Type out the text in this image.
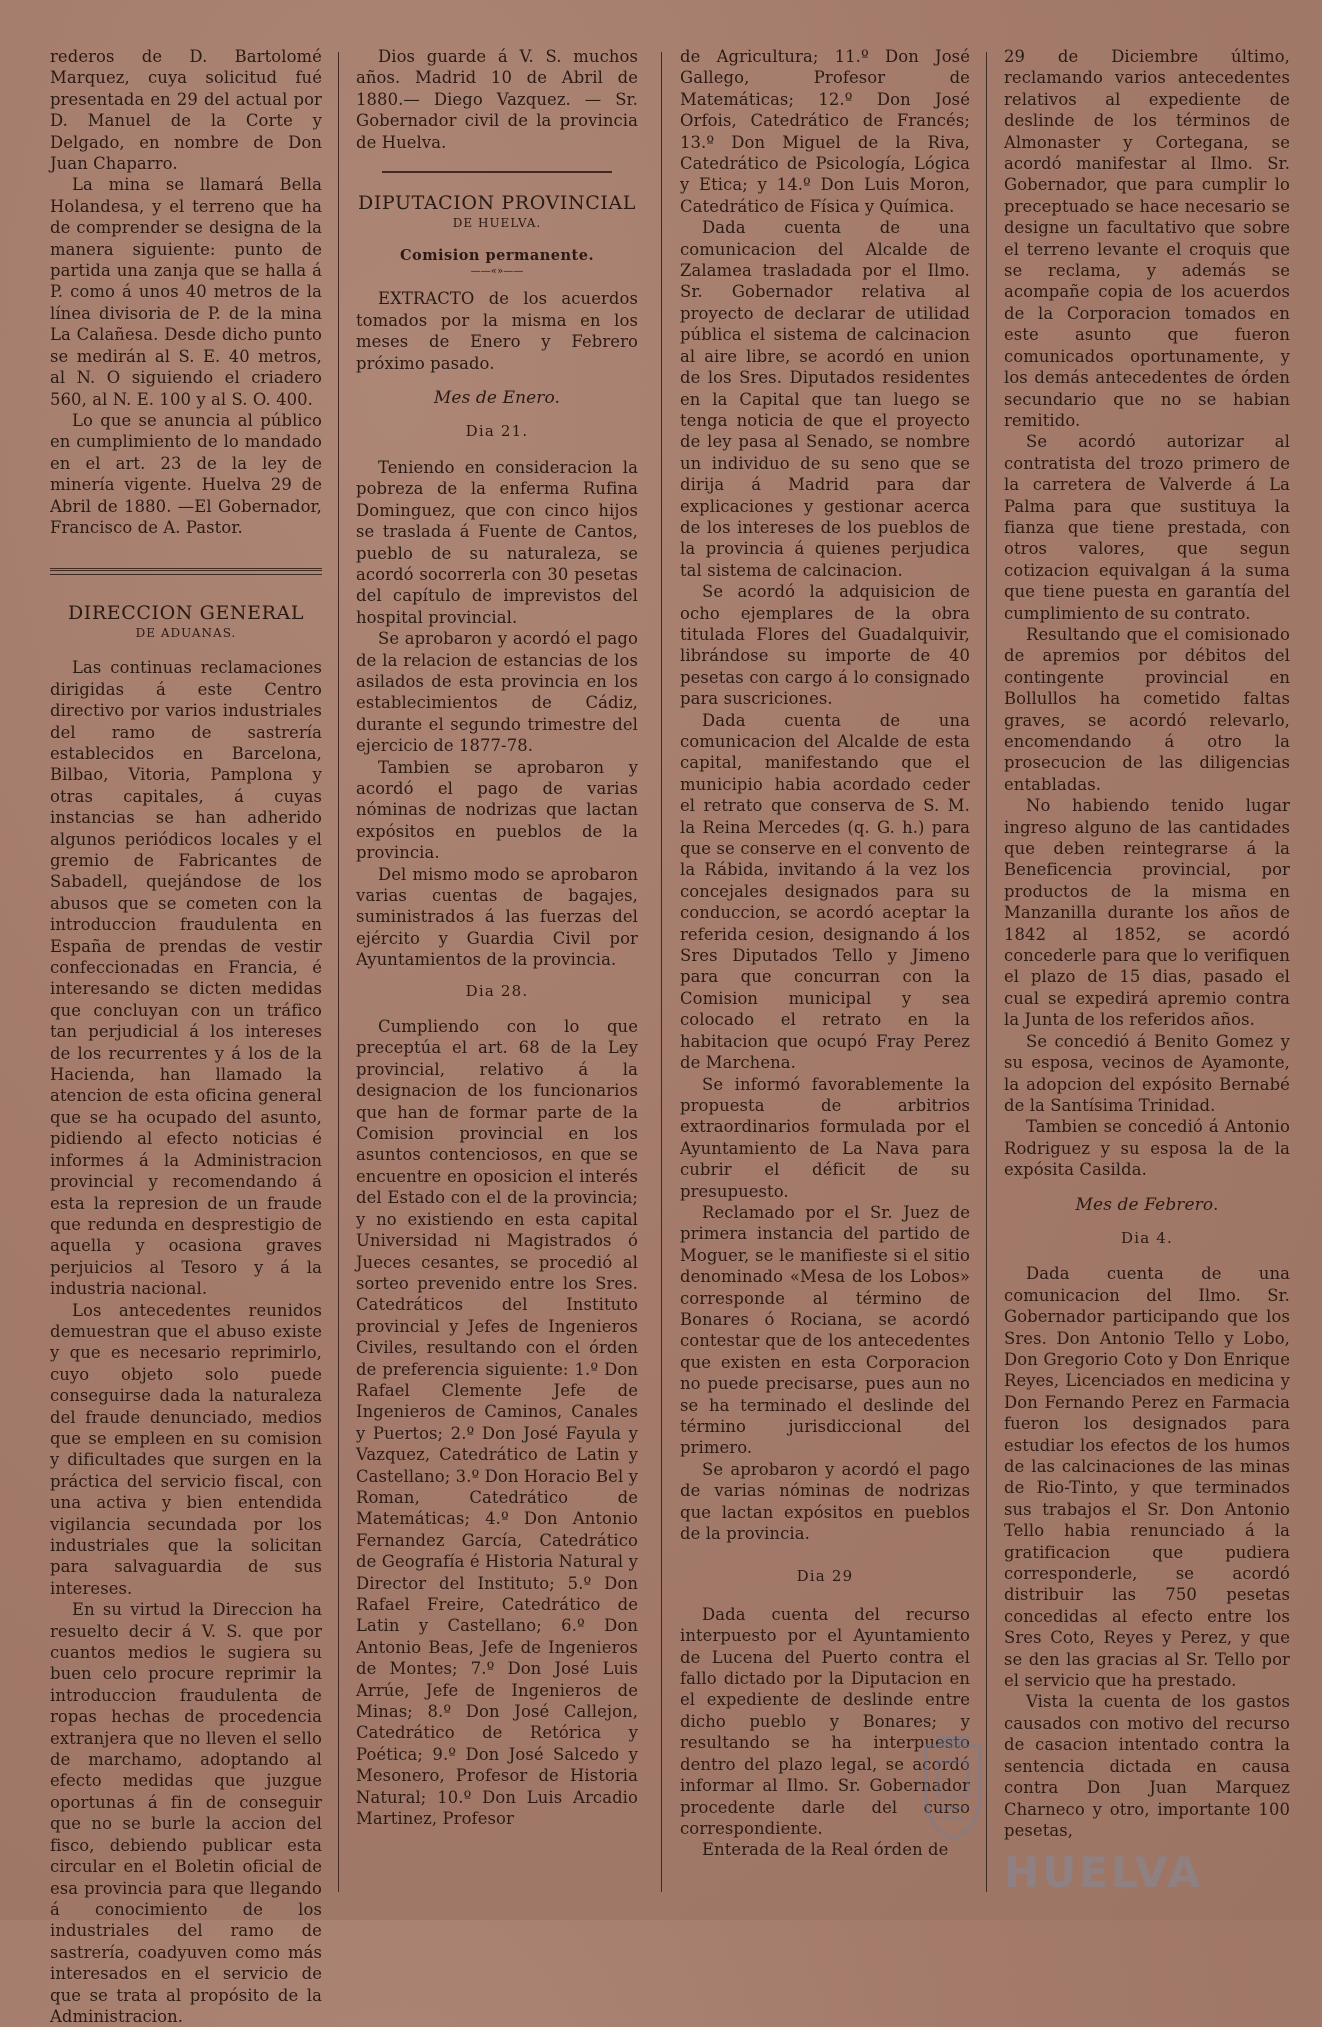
rederos de D. Bartolomé Marquez, cuya solicitud fué presentada en 29 del actual por D. Manuel de la Corte y Delgado, en nombre de Don Juan Chaparro.

La mina se llamará Bella Holandesa, y el terreno que ha de comprender se designa de la manera siguiente: punto de partida una zanja que se halla á P. como á unos 40 metros de la línea divisoria de P. de la mina La Calañesa. Desde dicho punto se medirán al S. E. 40 metros, al N. O siguiendo el criadero 560, al N. E. 100 y al S. O. 400.

Lo que se anuncia al público en cumplimiento de lo mandado en el art. 23 de la ley de minería vigente. Huelva 29 de Abril de 1880. —El Gobernador, Francisco de A. Pastor.

DIRECCION GENERAL

DE ADUANAS.

Las continuas reclamaciones dirigidas á este Centro directivo por varios industriales del ramo de sastrería establecidos en Barcelona, Bilbao, Vitoria, Pamplona y otras capitales, á cuyas instancias se han adherido algunos periódicos locales y el gremio de Fabricantes de Sabadell, quejándose de los abusos que se cometen con la introduccion fraudulenta en España de prendas de vestir confeccionadas en Francia, é interesando se dicten medidas que concluyan con un tráfico tan perjudicial á los intereses de los recurrentes y á los de la Hacienda, han llamado la atencion de esta oficina general que se ha ocupado del asunto, pidiendo al efecto noticias é informes á la Administracion provincial y recomendando á esta la represion de un fraude que redunda en desprestigio de aquella y ocasiona graves perjuicios al Tesoro y á la industria nacional.

Los antecedentes reunidos demuestran que el abuso existe y que es necesario reprimirlo, cuyo objeto solo puede conseguirse dada la naturaleza del fraude denunciado, medios que se empleen en su comision y dificultades que surgen en la práctica del servicio fiscal, con una activa y bien entendida vigilancia secundada por los industriales que la solicitan para salvaguardia de sus intereses.

En su virtud la Direccion ha resuelto decir á V. S. que por cuantos medios le sugiera su buen celo procure reprimir la introduccion fraudulenta de ropas hechas de procedencia extranjera que no lleven el sello de marchamo, adoptando al efecto medidas que juzgue oportunas á fin de conseguir que no se burle la accion del fisco, debiendo publicar esta circular en el Boletin oficial de esa provincia para que llegando á conocimiento de los industriales del ramo de sastrería, coadyuven como más interesados en el servicio de que se trata al propósito de la Administracion.

Dios guarde á V. S. muchos años. Madrid 10 de Abril de 1880.— Diego Vazquez. — Sr. Gobernador civil de la provincia de Huelva.

DIPUTACION PROVINCIAL

DE HUELVA.

Comision permanente.

——«»——

EXTRACTO de los acuerdos tomados por la misma en los meses de Enero y Febrero próximo pasado.

Mes de Enero.

Dia 21.

Teniendo en consideracion la pobreza de la enferma Rufina Dominguez, que con cinco hijos se traslada á Fuente de Cantos, pueblo de su naturaleza, se acordó socorrerla con 30 pesetas del capítulo de imprevistos del hospital provincial.

Se aprobaron y acordó el pago de la relacion de estancias de los asilados de esta provincia en los establecimientos de Cádiz, durante el segundo trimestre del ejercicio de 1877-78.

Tambien se aprobaron y acordó el pago de varias nóminas de nodrizas que lactan expósitos en pueblos de la provincia.

Del mismo modo se aprobaron varias cuentas de bagajes, suministrados á las fuerzas del ejército y Guardia Civil por Ayuntamientos de la provincia.

Dia 28.

Cumpliendo con lo que preceptúa el art. 68 de la Ley provincial, relativo á la designacion de los funcionarios que han de formar parte de la Comision provincial en los asuntos contenciosos, en que se encuentre en oposicion el interés del Estado con el de la provincia; y no existiendo en esta capital Universidad ni Magistrados ó Jueces cesantes, se procedió al sorteo prevenido entre los Sres. Catedráticos del Instituto provincial y Jefes de Ingenieros Civiles, resultando con el órden de preferencia siguiente: 1.º Don Rafael Clemente Jefe de Ingenieros de Caminos, Canales y Puertos; 2.º Don José Fayula y Vazquez, Catedrático de Latin y Castellano; 3.º Don Horacio Bel y Roman, Catedrático de Matemáticas; 4.º Don Antonio Fernandez García, Catedrático de Geografía é Historia Natural y Director del Instituto; 5.º Don Rafael Freire, Catedrático de Latin y Castellano; 6.º Don Antonio Beas, Jefe de Ingenieros de Montes; 7.º Don José Luis Arrúe, Jefe de Ingenieros de Minas; 8.º Don José Callejon, Catedrático de Retórica y Poética; 9.º Don José Salcedo y Mesonero, Profesor de Historia Natural; 10.º Don Luis Arcadio Martinez, Profesor

de Agricultura; 11.º Don José Gallego, Profesor de Matemáticas; 12.º Don José Orfois, Catedrático de Francés; 13.º Don Miguel de la Riva, Catedrático de Psicología, Lógica y Etica; y 14.º Don Luis Moron, Catedrático de Física y Química.

Dada cuenta de una comunicacion del Alcalde de Zalamea trasladada por el Ilmo. Sr. Gobernador relativa al proyecto de declarar de utilidad pública el sistema de calcinacion al aire libre, se acordó en union de los Sres. Diputados residentes en la Capital que tan luego se tenga noticia de que el proyecto de ley pasa al Senado, se nombre un individuo de su seno que se dirija á Madrid para dar explicaciones y gestionar acerca de los intereses de los pueblos de la provincia á quienes perjudica tal sistema de calcinacion.

Se acordó la adquisicion de ocho ejemplares de la obra titulada Flores del Guadalquivir, librándose su importe de 40 pesetas con cargo á lo consignado para suscriciones.

Dada cuenta de una comunicacion del Alcalde de esta capital, manifestando que el municipio habia acordado ceder el retrato que conserva de S. M. la Reina Mercedes (q. G. h.) para que se conserve en el convento de la Rábida, invitando á la vez los concejales designados para su conduccion, se acordó aceptar la referida cesion, designando á los Sres Diputados Tello y Jimeno para que concurran con la Comision municipal y sea colocado el retrato en la habitacion que ocupó Fray Perez de Marchena.

Se informó favorablemente la propuesta de arbitrios extraordinarios formulada por el Ayuntamiento de La Nava para cubrir el déficit de su presupuesto.

Reclamado por el Sr. Juez de primera instancia del partido de Moguer, se le manifieste si el sitio denominado «Mesa de los Lobos» corresponde al término de Bonares ó Rociana, se acordó contestar que de los antecedentes que existen en esta Corporacion no puede precisarse, pues aun no se ha terminado el deslinde del término jurisdiccional del primero.

Se aprobaron y acordó el pago de varias nóminas de nodrizas que lactan expósitos en pueblos de la provincia.

Dia 29

Dada cuenta del recurso interpuesto por el Ayuntamiento de Lucena del Puerto contra el fallo dictado por la Diputacion en el expediente de deslinde entre dicho pueblo y Bonares; y resultando se ha interpuesto dentro del plazo legal, se acordó informar al Ilmo. Sr. Gobernador procedente darle del curso correspondiente.

Enterada de la Real órden de

29 de Diciembre último, reclamando varios antecedentes relativos al expediente de deslinde de los términos de Almonaster y Cortegana, se acordó manifestar al Ilmo. Sr. Gobernador, que para cumplir lo preceptuado se hace necesario se designe un facultativo que sobre el terreno levante el croquis que se reclama, y además se acompañe copia de los acuerdos de la Corporacion tomados en este asunto que fueron comunicados oportunamente, y los demás antecedentes de órden secundario que no se habian remitido.

Se acordó autorizar al contratista del trozo primero de la carretera de Valverde á La Palma para que sustituya la fianza que tiene prestada, con otros valores, que segun cotizacion equivalgan á la suma que tiene puesta en garantía del cumplimiento de su contrato.

Resultando que el comisionado de apremios por débitos del contingente provincial en Bollullos ha cometido faltas graves, se acordó relevarlo, encomendando á otro la prosecucion de las diligencias entabladas.

No habiendo tenido lugar ingreso alguno de las cantidades que deben reintegrarse á la Beneficencia provincial, por productos de la misma en Manzanilla durante los años de 1842 al 1852, se acordó concederle para que lo verifiquen el plazo de 15 dias, pasado el cual se expedirá apremio contra la Junta de los referidos años.

Se concedió á Benito Gomez y su esposa, vecinos de Ayamonte, la adopcion del expósito Bernabé de la Santísima Trinidad.

Tambien se concedió á Antonio Rodriguez y su esposa la de la expósita Casilda.

Mes de Febrero.

Dia 4.

Dada cuenta de una comunicacion del Ilmo. Sr. Gobernador participando que los Sres. Don Antonio Tello y Lobo, Don Gregorio Coto y Don Enrique Reyes, Licenciados en medicina y Don Fernando Perez en Farmacia fueron los designados para estudiar los efectos de los humos de las calcinaciones de las minas de Rio-Tinto, y que terminados sus trabajos el Sr. Don Antonio Tello habia renunciado á la gratificacion que pudiera corresponderle, se acordó distribuir las 750 pesetas concedidas al efecto entre los Sres Coto, Reyes y Perez, y que se den las gracias al Sr. Tello por el servicio que ha prestado.

Vista la cuenta de los gastos causados con motivo del recurso de casacion intentado contra la sentencia dictada en causa contra Don Juan Marquez Charneco y otro, importante 100 pesetas,

HUELVA
